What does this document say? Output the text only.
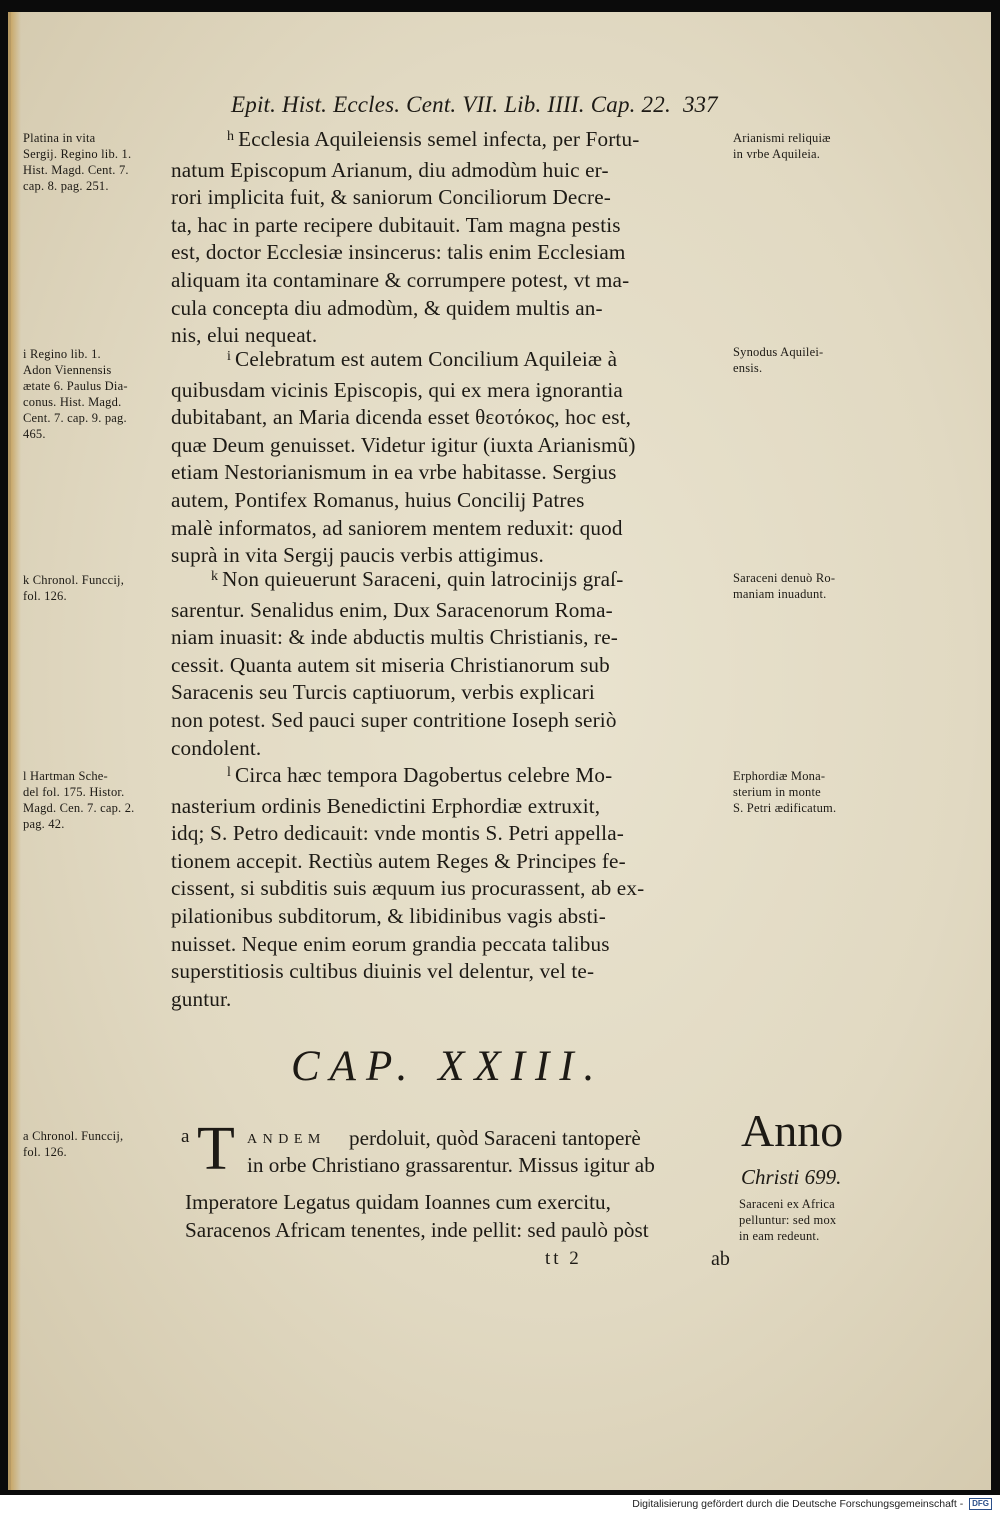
Epit. Hist. Eccles. Cent. VII. Lib. IIII. Cap. 22. 337

Platina in vita

Sergij. Regino lib. 1.

Hist. Magd. Cent. 7.

cap. 8. pag. 251.

$^h$ Ecclesia Aquileiensis semel infecta, per Fortu-

natum Episcopum Arianum, diu admodùm huic er-

rori implicita fuit, & saniorum Conciliorum Decre-

ta, hac in parte recipere dubitauit. Tam magna pestis

est, doctor Ecclesiæ insincerus: talis enim Ecclesiam

aliquam ita contaminare & corrumpere potest, vt ma-

cula concepta diu admodùm, & quidem multis an-

nis, elui nequeat.

Arianismi reliquiæ

in vrbe Aquileia.

i Regino lib. 1.

Adon Viennensis

ætate 6. Paulus Dia-

conus. Hist. Magd.

Cent. 7. cap. 9. pag.

465.

$^i$ Celebratum est autem Concilium Aquileiæ à

quibusdam vicinis Episcopis, qui ex mera ignorantia

dubitabant, an Maria dicenda esset θεοτόκος, hoc est,

quæ Deum genuisset. Videtur igitur (iuxta Arianismũ)

etiam Nestorianismum in ea vrbe habitasse. Sergius

autem, Pontifex Romanus, huius Concilij Patres

malè informatos, ad saniorem mentem reduxit: quod

suprà in vita Sergij paucis verbis attigimus.

Synodus Aquilei-

ensis.

k Chronol. Funccij,

fol. 126.

$^k$ Non quieuerunt Saraceni, quin latrocinijs graſ-

sarentur. Senalidus enim, Dux Saracenorum Roma-

niam inuasit: & inde abductis multis Christianis, re-

cessit. Quanta autem sit miseria Christianorum sub

Saracenis seu Turcis captiuorum, verbis explicari

non potest. Sed pauci super contritione Ioseph seriò

condolent.

Saraceni denuò Ro-

maniam inuadunt.

l Hartman Sche-

del fol. 175. Histor.

Magd. Cen. 7. cap. 2.

pag. 42.

$^l$ Circa hæc tempora Dagobertus celebre Mo-

nasterium ordinis Benedictini Erphordiæ extruxit,

idq; S. Petro dedicauit: vnde montis S. Petri appella-

tionem accepit. Rectiùs autem Reges & Principes fe-

cissent, si subditis suis æquum ius procurassent, ab ex-

pilationibus subditorum, & libidinibus vagis absti-

nuisset. Neque enim eorum grandia peccata talibus

superstitiosis cultibus diuinis vel delentur, vel te-

guntur.

Erphordiæ Mona-

sterium in monte

S. Petri ædificatum.

CAP. XXIII.

a Chronol. Funccij,

fol. 126.

a T ANDEM perdoluit, quòd Saraceni tantoperè
in orbe Christiano grassarentur. Missus igitur ab

Imperatore Legatus quidam Ioannes cum exercitu,

Saracenos Africam tenentes, inde pellit: sed paulò pòst

Anno
Christi 699.

Saraceni ex Africa

pelluntur: sed mox

in eam redeunt.

tt 2	ab
Digitalisierung gefördert durch die Deutsche Forschungsgemeinschaft - DFG
